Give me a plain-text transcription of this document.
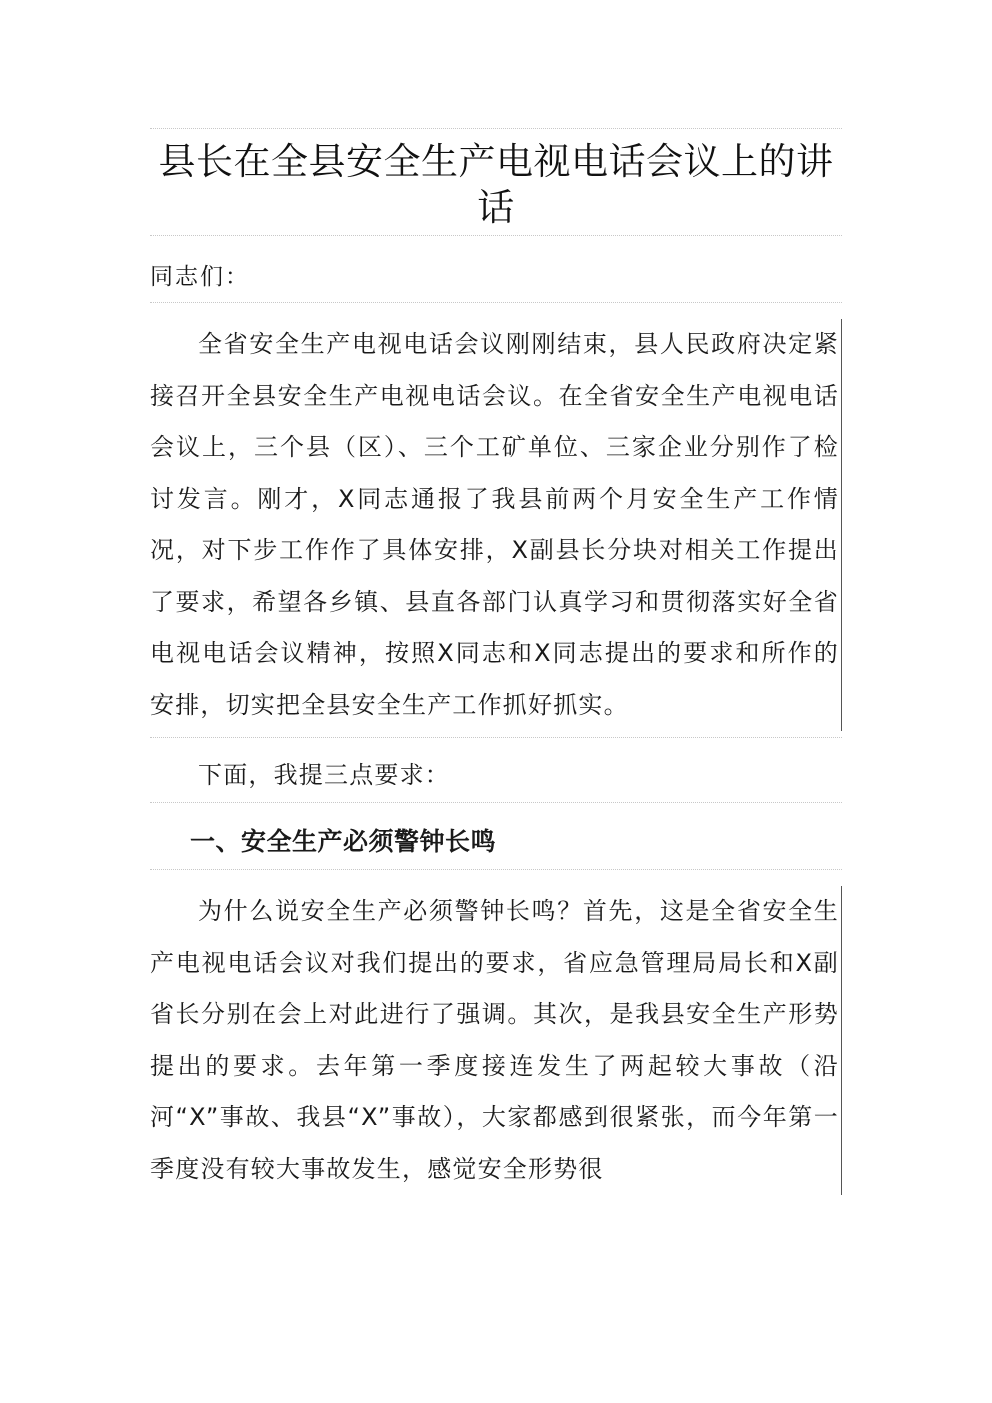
县长在全县安全生产电视电话会议上的讲话

同志们：

全省安全生产电视电话会议刚刚结束，县人民政府决定紧接召开全县安全生产电视电话会议。在全省安全生产电视电话会议上，三个县（区）、三个工矿单位、三家企业分别作了检讨发言。刚才，X同志通报了我县前两个月安全生产工作情况，对下步工作作了具体安排，X副县长分块对相关工作提出了要求，希望各乡镇、县直各部门认真学习和贯彻落实好全省电视电话会议精神，按照X同志和X同志提出的要求和所作的安排，切实把全县安全生产工作抓好抓实。

下面，我提三点要求：

一、安全生产必须警钟长鸣

为什么说安全生产必须警钟长鸣？首先，这是全省安全生产电视电话会议对我们提出的要求，省应急管理局局长和X副省长分别在会上对此进行了强调。其次，是我县安全生产形势提出的要求。去年第一季度接连发生了两起较大事故（沿河“X”事故、我县“X”事故），大家都感到很紧张，而今年第一季度没有较大事故发生，感觉安全形势很
